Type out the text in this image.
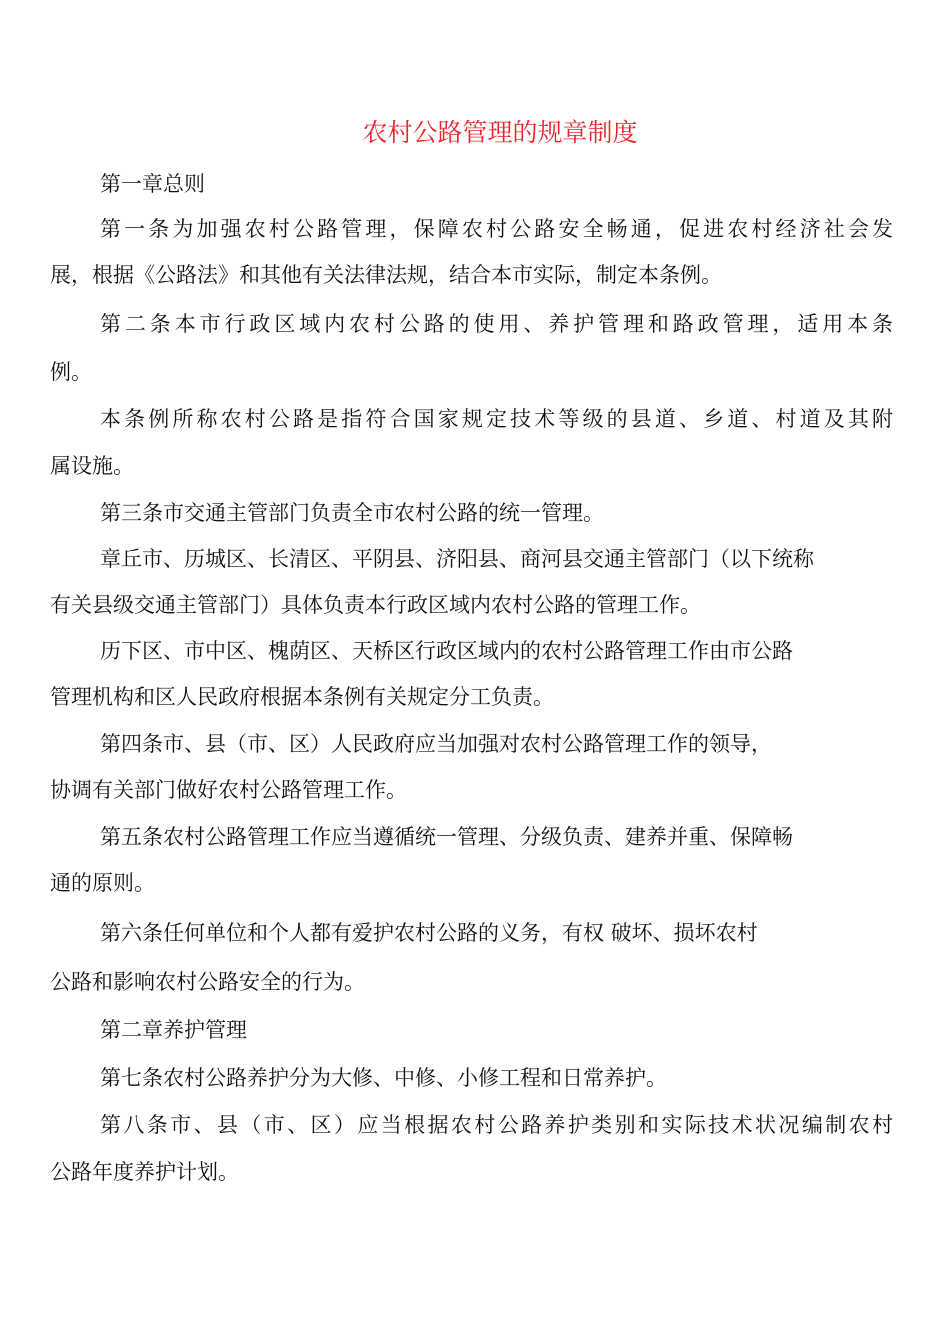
农村公路管理的规章制度
第一章总则
第一条为加强农村公路管理，保障农村公路安全畅通，促进农村经济社会发
展，根据《公路法》和其他有关法律法规，结合本市实际，制定本条例。
第二条本市行政区域内农村公路的使用、养护管理和路政管理，适用本条
例。
本条例所称农村公路是指符合国家规定技术等级的县道、乡道、村道及其附
属设施。
第三条市交通主管部门负责全市农村公路的统一管理。
章丘市、历城区、长清区、平阴县、济阳县、商河县交通主管部门（以下统称
有关县级交通主管部门）具体负责本行政区域内农村公路的管理工作。
历下区、市中区、槐荫区、天桥区行政区域内的农村公路管理工作由市公路
管理机构和区人民政府根据本条例有关规定分工负责。
第四条市、县（市、区）人民政府应当加强对农村公路管理工作的领导，
协调有关部门做好农村公路管理工作。
第五条农村公路管理工作应当遵循统一管理、分级负责、建养并重、保障畅
通的原则。
第六条任何单位和个人都有爱护农村公路的义务，有权 破坏、损坏农村
公路和影响农村公路安全的行为。
第二章养护管理
第七条农村公路养护分为大修、中修、小修工程和日常养护。
第八条市、县（市、区）应当根据农村公路养护类别和实际技术状况编制农村
公路年度养护计划。
